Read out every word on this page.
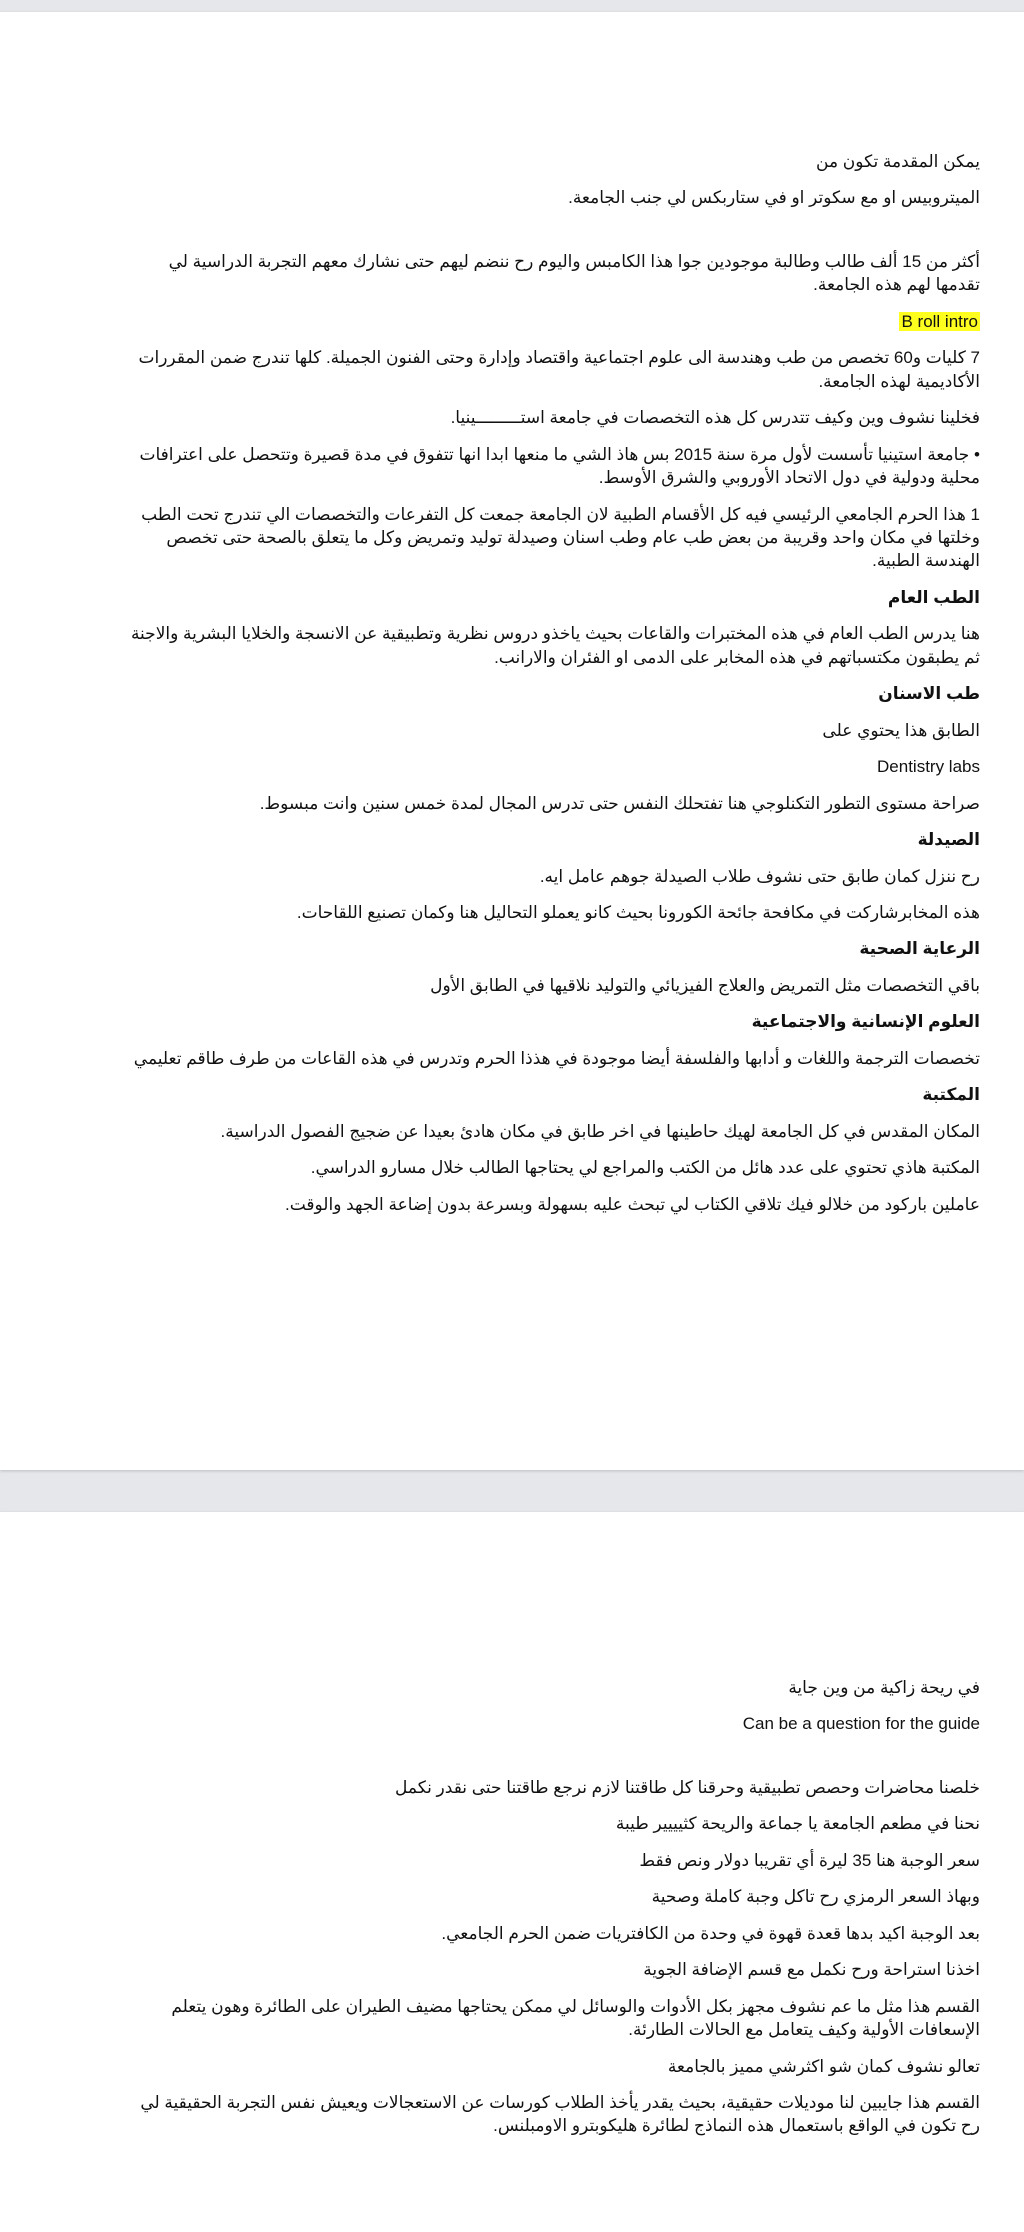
يمكن المقدمة تكون من

الميتروبيس او مع سكوتر او في ستاربكس لي جنب الجامعة.

أكثر من 15 ألف طالب وطالبة موجودين جوا هذا الكامبس واليوم رح ننضم ليهم حتى نشارك معهم التجربة الدراسية لي تقدمها لهم هذه الجامعة.

B roll intro

7 كليات و60 تخصص من طب وهندسة الى علوم اجتماعية واقتصاد وإدارة وحتى الفنون الجميلة. كلها تندرج ضمن المقررات الأكاديمية لهذه الجامعة.

فخلينا نشوف وين وكيف تتدرس كل هذه التخصصات في جامعة استـــــــــينيا.

• جامعة استينيا تأسست لأول مرة سنة 2015 بس هاذ الشي ما منعها ابدا انها تتفوق في مدة قصيرة وتتحصل على اعترافات محلية ودولية في دول الاتحاد الأوروبي والشرق الأوسط.

1 هذا الحرم الجامعي الرئيسي فيه كل الأقسام الطبية لان الجامعة جمعت كل التفرعات والتخصصات الي تندرج تحت الطب وخلتها في مكان واحد وقريبة من بعض طب عام وطب اسنان وصيدلة توليد وتمريض وكل ما يتعلق بالصحة حتى تخصص الهندسة الطبية.

الطب العام

هنا يدرس الطب العام في هذه المختبرات والقاعات بحيث ياخذو دروس نظرية وتطبيقية عن الانسجة والخلايا البشرية والاجنة ثم يطبقون مكتسباتهم في هذه المخابر على الدمى او الفئران والارانب.

طب الاسنان

الطابق هذا يحتوي على

Dentistry labs

صراحة مستوى التطور التكنلوجي هنا تفتحلك النفس حتى تدرس المجال لمدة خمس سنين وانت مبسوط.

الصيدلة

رح ننزل كمان طابق حتى نشوف طلاب الصيدلة جوهم عامل ايه.

هذه المخابرشاركت في مكافحة جائحة الكورونا بحيث كانو يعملو التحاليل هنا وكمان تصنيع اللقاحات.

الرعاية الصحية

باقي التخصصات مثل التمريض والعلاج الفيزيائي والتوليد نلاقيها في الطابق الأول

العلوم الإنسانية والاجتماعية

تخصصات الترجمة واللغات و أدابها والفلسفة أيضا موجودة في هذذا الحرم وتدرس في هذه القاعات من طرف طاقم تعليمي

المكتبة

المكان المقدس في كل الجامعة لهيك حاطينها في اخر طابق في مكان هادئ بعيدا عن ضجيج الفصول الدراسية.

المكتبة هاذي تحتوي على عدد هائل من الكتب والمراجع لي يحتاجها الطالب خلال مسارو الدراسي.

عاملين باركود من خلالو فيك تلاقي الكتاب لي تبحث عليه بسهولة وبسرعة بدون إضاعة الجهد والوقت.

في ريحة زاكية من وين جاية

Can be a question for the guide

خلصنا محاضرات وحصص تطبيقية وحرقنا كل طاقتنا لازم نرجع طاقتنا حتى نقدر نكمل

نحنا في مطعم الجامعة يا جماعة والريحة كثيييير طيبة

سعر الوجبة هنا 35 ليرة أي تقريبا دولار ونص فقط

وبهاذ السعر الرمزي رح تاكل وجبة كاملة وصحية

بعد الوجبة اكيد بدها قعدة قهوة في وحدة من الكافتريات ضمن الحرم الجامعي.

اخذنا استراحة ورح نكمل مع قسم الإضافة الجوية

القسم هذا مثل ما عم نشوف مجهز بكل الأدوات والوسائل لي ممكن يحتاجها مضيف الطيران على الطائرة وهون يتعلم الإسعافات الأولية وكيف يتعامل مع الحالات الطارئة.

تعالو نشوف كمان شو اكثرشي مميز بالجامعة

القسم هذا جايبين لنا موديلات حقيقية، بحيث يقدر يأخذ الطلاب كورسات عن الاستعجالات ويعيش نفس التجربة الحقيقية لي رح تكون في الواقع باستعمال هذه النماذج لطائرة هليكوبترو الاومبلنس.
